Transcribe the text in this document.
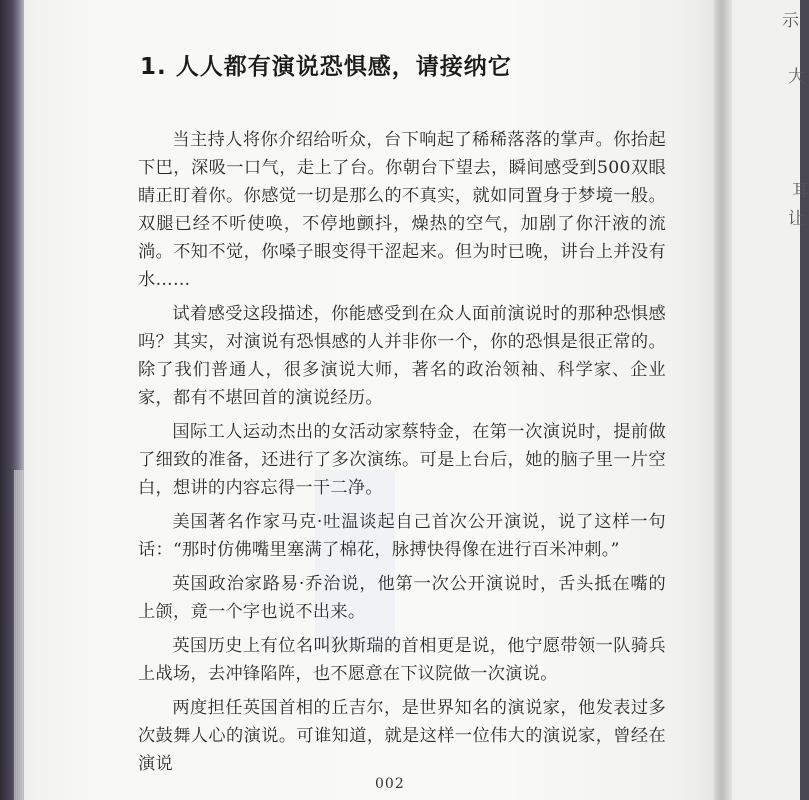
示
大
耳
让
1. 人人都有演说恐惧感，请接纳它

当主持人将你介绍给听众，台下响起了稀稀落落的掌声。你抬起下巴，深吸一口气，走上了台。你朝台下望去，瞬间感受到500双眼睛正盯着你。你感觉一切是那么的不真实，就如同置身于梦境一般。双腿已经不听使唤，不停地颤抖，燥热的空气，加剧了你汗液的流淌。不知不觉，你嗓子眼变得干涩起来。但为时已晚，讲台上并没有水……

试着感受这段描述，你能感受到在众人面前演说时的那种恐惧感吗？其实，对演说有恐惧感的人并非你一个，你的恐惧是很正常的。除了我们普通人，很多演说大师，著名的政治领袖、科学家、企业家，都有不堪回首的演说经历。

国际工人运动杰出的女活动家蔡特金，在第一次演说时，提前做了细致的准备，还进行了多次演练。可是上台后，她的脑子里一片空白，想讲的内容忘得一干二净。

美国著名作家马克·吐温谈起自己首次公开演说，说了这样一句话：“那时仿佛嘴里塞满了棉花，脉搏快得像在进行百米冲刺。”

英国政治家路易·乔治说，他第一次公开演说时，舌头抵在嘴的上颌，竟一个字也说不出来。

英国历史上有位名叫狄斯瑞的首相更是说，他宁愿带领一队骑兵上战场，去冲锋陷阵，也不愿意在下议院做一次演说。

两度担任英国首相的丘吉尔，是世界知名的演说家，他发表过多次鼓舞人心的演说。可谁知道，就是这样一位伟大的演说家，曾经在演说

002
